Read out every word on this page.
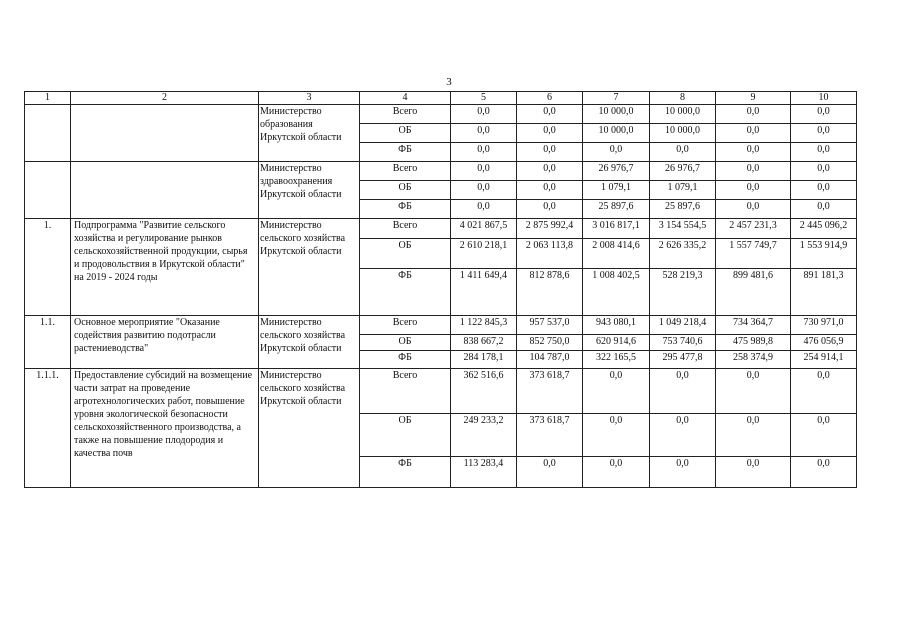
3
1	2	3	4	5	6	7	8	9	10
		Министерство образования Иркутской области	Всего	0,0	0,0	10 000,0	10 000,0	0,0	0,0
			ОБ	0,0	0,0	10 000,0	10 000,0	0,0	0,0
			ФБ	0,0	0,0	0,0	0,0	0,0	0,0
		Министерство здравоохранения Иркутской области	Всего	0,0	0,0	26 976,7	26 976,7	0,0	0,0
			ОБ	0,0	0,0	1 079,1	1 079,1	0,0	0,0
			ФБ	0,0	0,0	25 897,6	25 897,6	0,0	0,0
1.	Подпрограмма "Развитие сельского хозяйства и регулирование рынков сельскохозяйственной продукции, сырья и продовольствия в Иркутской области" на 2019 - 2024 годы	Министерство сельского хозяйства Иркутской области	Всего	4 021 867,5	2 875 992,4	3 016 817,1	3 154 554,5	2 457 231,3	2 445 096,2
			ОБ	2 610 218,1	2 063 113,8	2 008 414,6	2 626 335,2	1 557 749,7	1 553 914,9
			ФБ	1 411 649,4	812 878,6	1 008 402,5	528 219,3	899 481,6	891 181,3
1.1.	Основное мероприятие "Оказание содействия развитию подотрасли растениеводства"	Министерство сельского хозяйства Иркутской области	Всего	1 122 845,3	957 537,0	943 080,1	1 049 218,4	734 364,7	730 971,0
			ОБ	838 667,2	852 750,0	620 914,6	753 740,6	475 989,8	476 056,9
			ФБ	284 178,1	104 787,0	322 165,5	295 477,8	258 374,9	254 914,1
1.1.1.	Предоставление субсидий на возмещение части затрат на проведение агротехнологических работ, повышение уровня экологической безопасности сельскохозяйственного производства, а также на повышение плодородия и качества почв	Министерство сельского хозяйства Иркутской области	Всего	362 516,6	373 618,7	0,0	0,0	0,0	0,0
			ОБ	249 233,2	373 618,7	0,0	0,0	0,0	0,0
			ФБ	113 283,4	0,0	0,0	0,0	0,0	0,0
